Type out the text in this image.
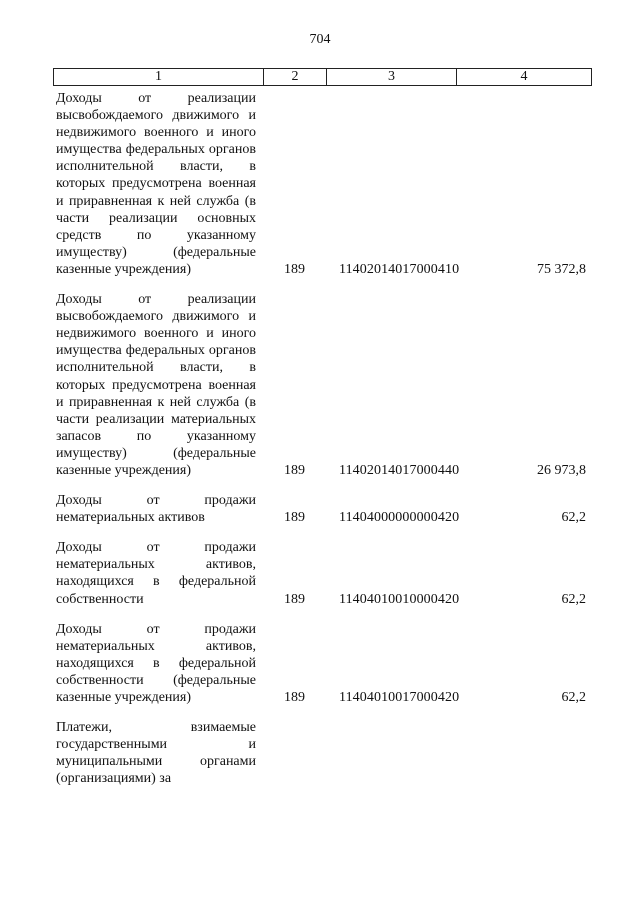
704
1	2	3	4
Доходы от реализации высвобождаемого движимого и недвижимого военного и иного имущества федеральных органов исполнительной власти, в которых предусмотрена военная и приравненная к ней служба (в части реализации основных средств по указанному имуществу) (федеральные казенные учреждения)	189 11402014017000410	75 372,8
Доходы от реализации высвобождаемого движимого и недвижимого военного и иного имущества федеральных органов исполнительной власти, в которых предусмотрена военная и приравненная к ней служба (в части реализации материальных запасов по указанному имуществу) (федеральные казенные учреждения)	189 11402014017000440	26 973,8
Доходы от продажи нематериальных активов	189 11404000000000420	62,2
Доходы от продажи нематериальных активов, находящихся в федеральной собственности	189 11404010010000420	62,2
Доходы от продажи нематериальных активов, находящихся в федеральной собственности (федеральные казенные учреждения)	189 11404010017000420	62,2
Платежи, взимаемые государственными и муниципальными органами (организациями) за
